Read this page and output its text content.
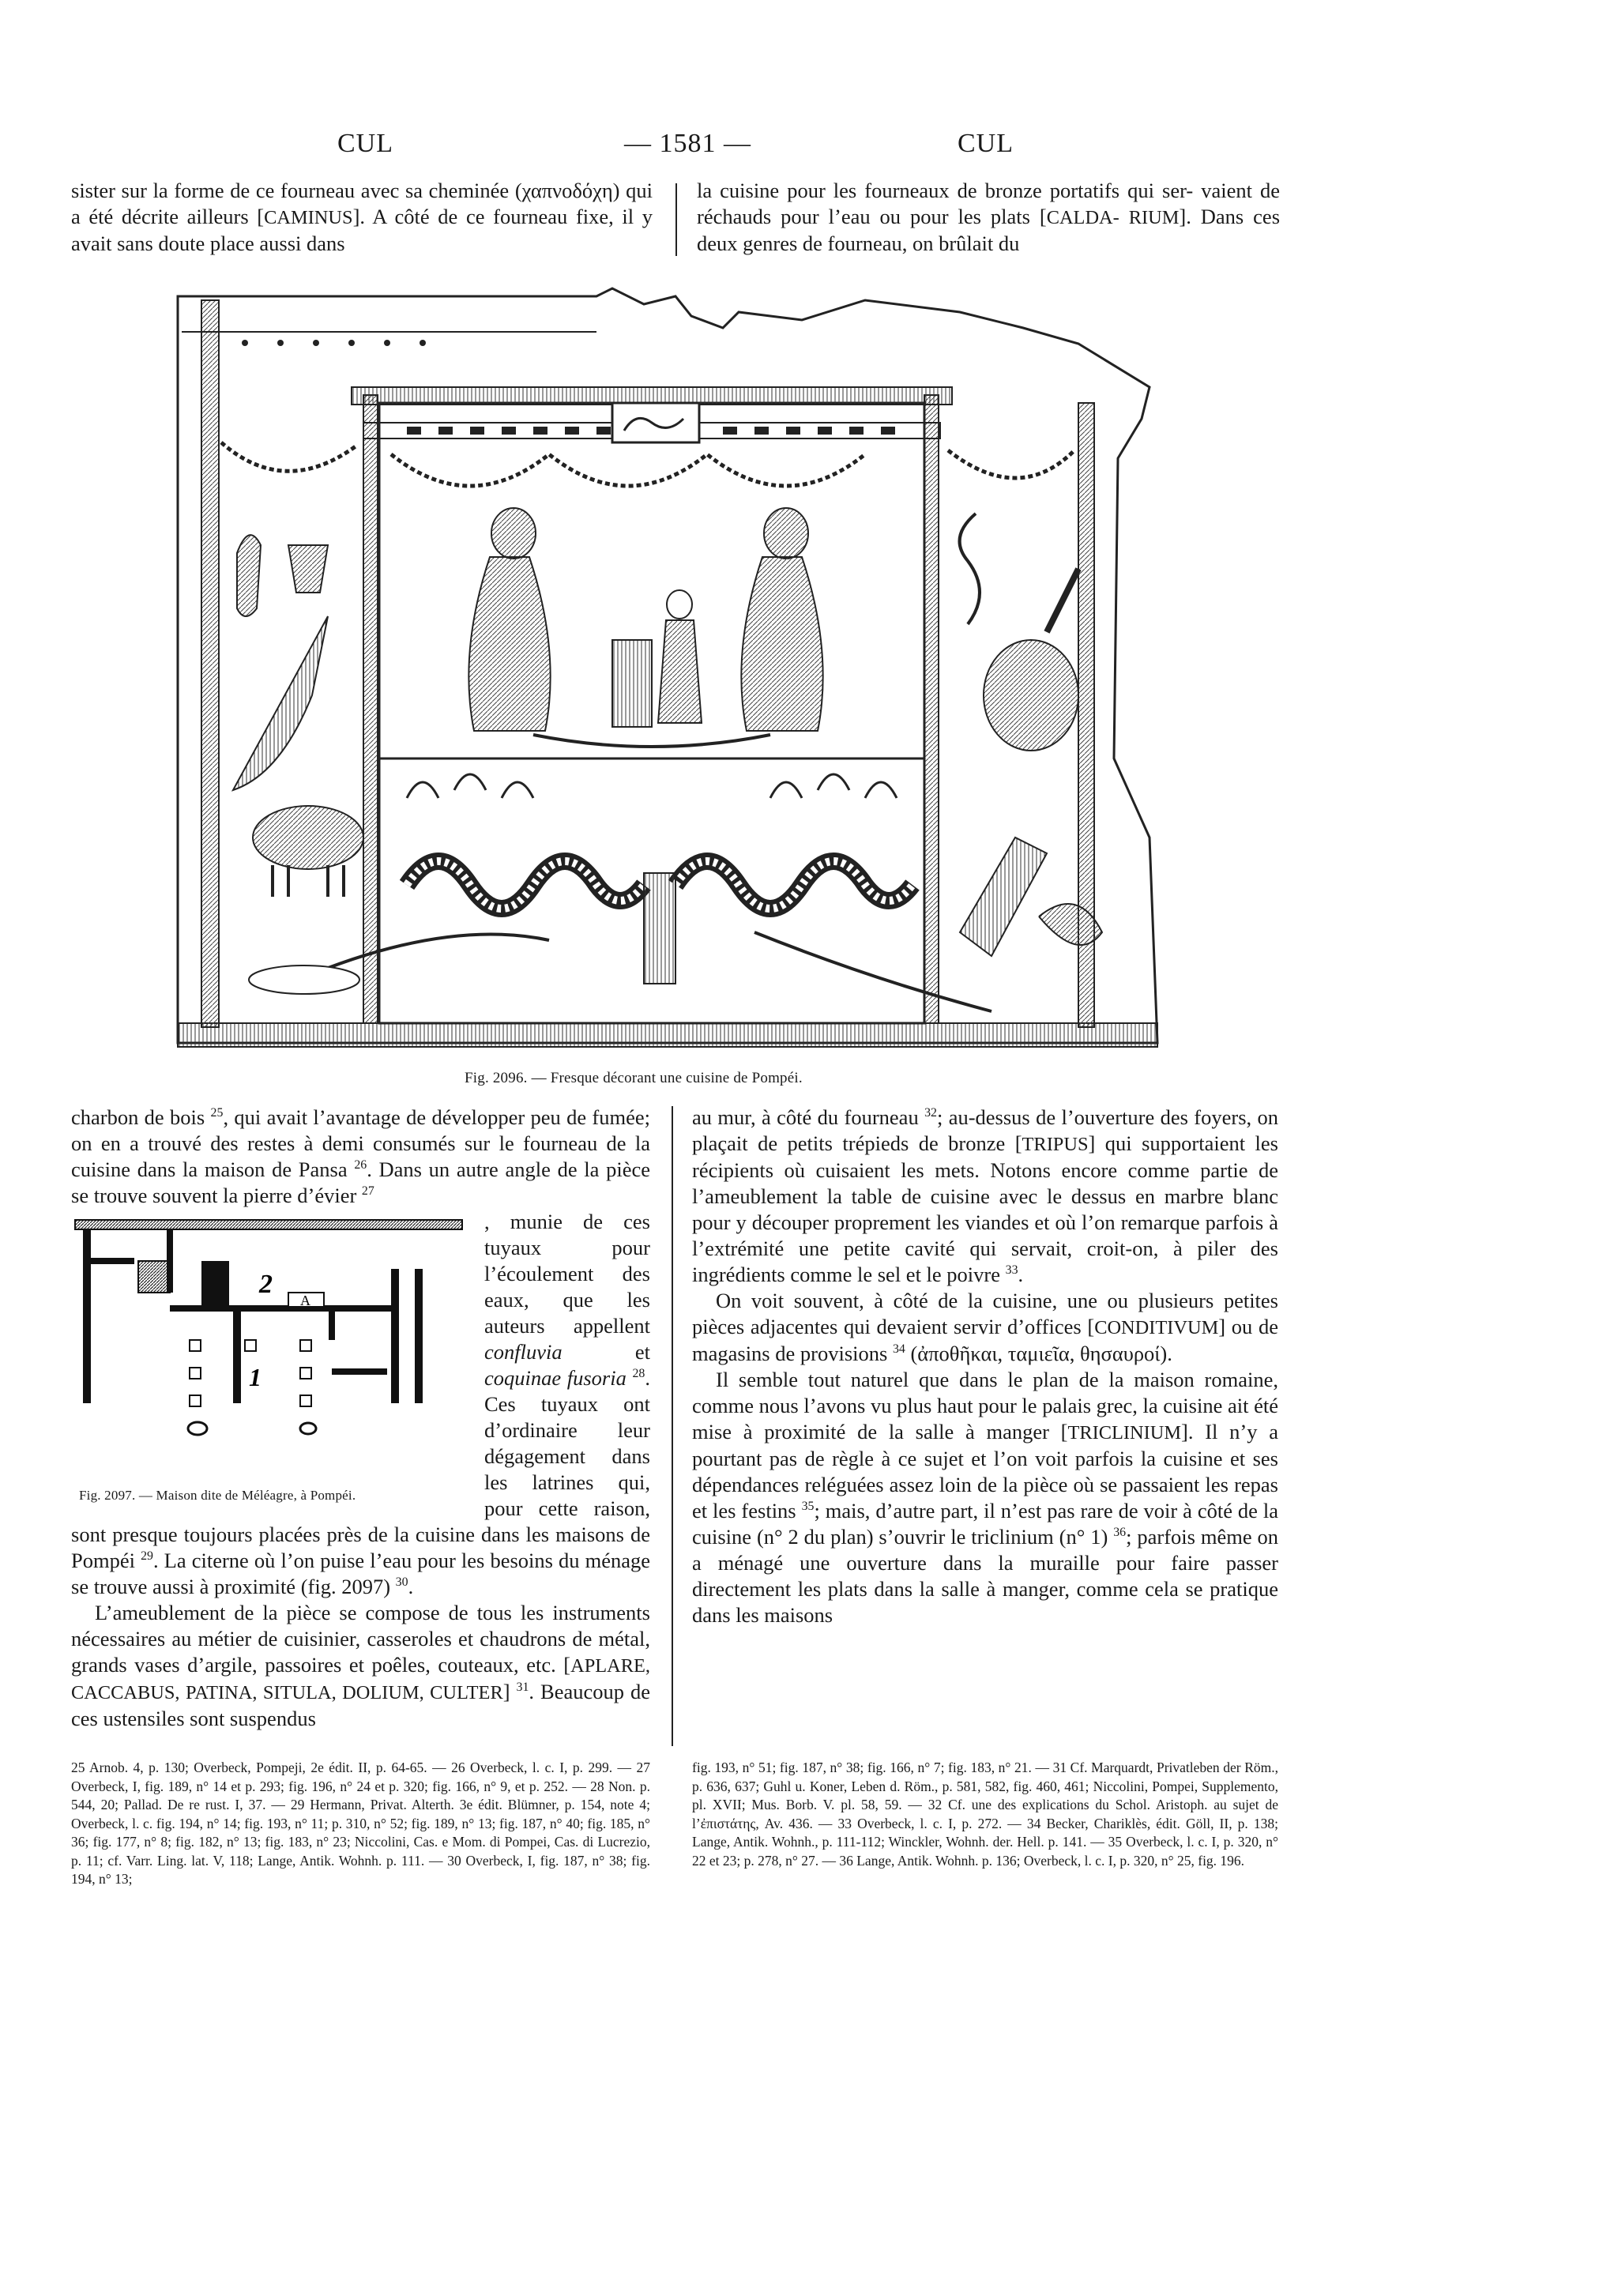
CUL	— 1581 —	CUL

sister sur la forme de ce fourneau avec sa cheminée (χαπνοδόχη) qui a été décrite ailleurs [CAMINUS]. A côté de ce fourneau fixe, il y avait sans doute place aussi dans

la cuisine pour les fourneaux de bronze portatifs qui ser- vaient de réchauds pour l’eau ou pour les plats [CALDA- RIUM]. Dans ces deux genres de fourneau, on brûlait du

Fig. 2096. — Fresque décorant une cuisine de Pompéi.

charbon de bois $^{25}$, qui avait l’avantage de développer peu de fumée; on en a trouvé des restes à demi consumés sur le fourneau de la cuisine dans la maison de Pansa $^{26}$. Dans un autre angle de la pièce se trouve souvent la pierre d’évier $^{27}$

2
A
1
Fig. 2097. — Maison dite de Méléagre, à Pompéi.

, munie de ces tuyaux pour l’écoulement des eaux, que les auteurs appellent confluvia	et coquinae fusoria $^{28}$. Ces tuyaux ont d’ordinaire leur dégagement dans les latrines qui, pour cette raison, sont presque toujours placées près de la cuisine dans les maisons de Pompéi $^{29}$. La citerne où l’on puise l’eau pour les besoins du ménage se trouve aussi à proximité (fig. 2097) $^{30}$.

L’ameublement de la pièce se compose de tous les instruments nécessaires au métier de cuisinier, casseroles et chaudrons de métal, grands vases d’argile, passoires et poêles, couteaux, etc. [APLARE, CACCABUS, PATINA, SITULA, DOLIUM, CULTER] $^{31}$. Beaucoup de ces ustensiles sont suspendus

au mur, à côté du fourneau $^{32}$; au-dessus de l’ouverture des foyers, on plaçait de petits trépieds de bronze [TRIPUS] qui supportaient les récipients où cuisaient les mets. Notons encore comme partie de l’ameublement la table de cuisine avec le dessus en marbre blanc pour y découper proprement les viandes et où l’on remarque parfois à l’extrémité une petite cavité qui servait, croit-on, à piler des ingrédients comme le sel et le poivre $^{33}$.

On voit souvent, à côté de la cuisine, une ou plusieurs petites pièces adjacentes qui devaient servir d’offices [CONDITIVUM] ou de magasins de provisions $^{34}$ (ἀποθῆκαι, ταμιεῖα, θησαυροί).

Il semble tout naturel que dans le plan de la maison romaine, comme nous l’avons vu plus haut pour le palais grec, la cuisine ait été mise à proximité de la salle à manger [TRICLINIUM]. Il n’y a pourtant pas de règle à ce sujet et l’on voit parfois la cuisine et ses dépendances reléguées assez loin de la pièce où se passaient les repas et les festins $^{35}$; mais, d’autre part, il n’est pas rare de voir à côté de la cuisine (n° 2 du plan) s’ouvrir le triclinium (n° 1) $^{36}$; parfois même on a ménagé une ouverture dans la muraille pour faire passer directement les plats dans la salle à manger, comme cela se pratique dans les maisons

25 Arnob. 4, p. 130; Overbeck, Pompeji, 2e édit. II, p. 64-65. — 26 Overbeck, l. c. I, p. 299. — 27 Overbeck, I, fig. 189, n° 14 et p. 293; fig. 196, n° 24 et p. 320; fig. 166, n° 9, et p. 252. — 28 Non. p. 544, 20; Pallad. De re rust. I, 37. — 29 Hermann, Privat. Alterth. 3e édit. Blümner, p. 154, note 4; Overbeck, l. c. fig. 194, n° 14; fig. 193, n° 11; p. 310, n° 52; fig. 189, n° 13; fig. 187, n° 40; fig. 185, n° 36; fig. 177, n° 8; fig. 182, n° 13; fig. 183, n° 23; Niccolini, Cas. e Mom. di Pompei, Cas. di Lucrezio, p. 11; cf. Varr. Ling. lat. V, 118; Lange, Antik. Wohnh. p. 111. — 30 Overbeck, I, fig. 187, n° 38; fig. 194, n° 13;
fig. 193, n° 51; fig. 187, n° 38; fig. 166, n° 7; fig. 183, n° 21. — 31 Cf. Marquardt, Privatleben der Röm., p. 636, 637; Guhl u. Koner, Leben d. Röm., p. 581, 582, fig. 460, 461; Niccolini, Pompei, Supplemento, pl. XVII; Mus. Borb. V. pl. 58, 59. — 32 Cf. une des explications du Schol. Aristoph. au sujet de l’ἐπιστάτης, Av. 436. — 33 Overbeck, l. c. I, p. 272. — 34 Becker, Chariklès, édit. Göll, II, p. 138; Lange, Antik. Wohnh., p. 111-112; Winckler, Wohnh. der. Hell. p. 141. — 35 Overbeck, l. c. I, p. 320, n° 22 et 23; p. 278, n° 27. — 36 Lange, Antik. Wohnh. p. 136; Overbeck, l. c. I, p. 320, n° 25, fig. 196.
